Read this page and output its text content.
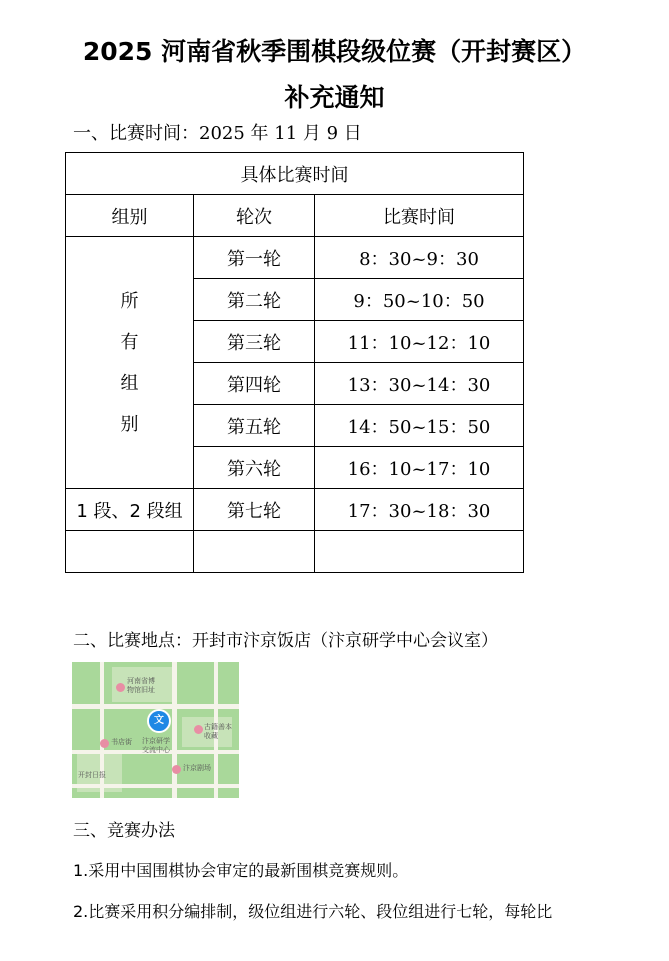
2025 河南省秋季围棋段级位赛（开封赛区）
补充通知
一、比赛时间：2025 年 11 月 9 日
具体比赛时间		
组别	轮次	比赛时间

所
有
组
别	第一轮	8：30~9：30
	第二轮	9：50~10：50
	第三轮	11：10~12：10
	第四轮	13：30~14：30
	第五轮	14：50~15：50
	第六轮	16：10~17：10
1 段、2 段组	第七轮	17：30~18：30

二、比赛地点：开封市汴京饭店（汴京研学中心会议室）
河南省博
物馆旧址
汴京研学
交流中心
古籍善本
收藏
书店街
汴京剧场
开封日报
文
三、竞赛办法
1.采用中国围棋协会审定的最新围棋竞赛规则。
2.比赛采用积分编排制，级位组进行六轮、段位组进行七轮，每轮比
